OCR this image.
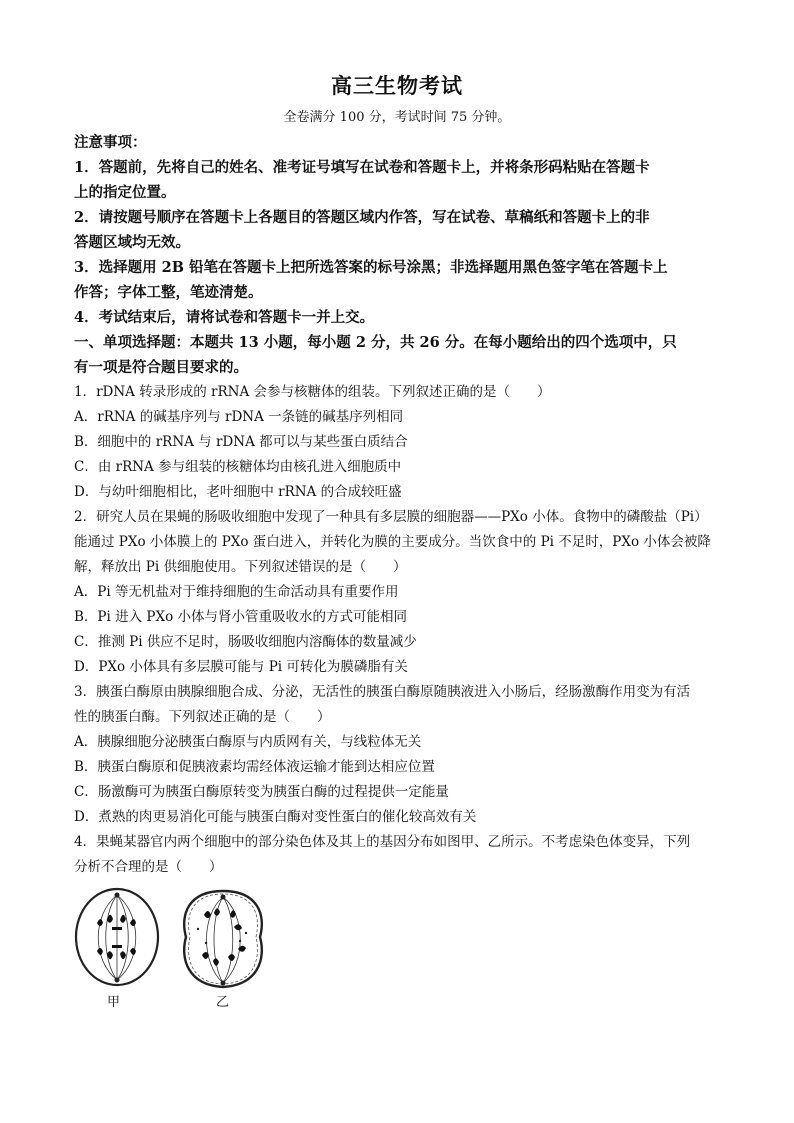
高三生物考试
全卷满分 100 分，考试时间 75 分钟。
注意事项：
1．答题前，先将自己的姓名、准考证号填写在试卷和答题卡上，并将条形码粘贴在答题卡
上的指定位置。
2．请按题号顺序在答题卡上各题目的答题区域内作答，写在试卷、草稿纸和答题卡上的非
答题区域均无效。
3．选择题用 2B 铅笔在答题卡上把所选答案的标号涂黑；非选择题用黑色签字笔在答题卡上
作答；字体工整，笔迹清楚。
4．考试结束后，请将试卷和答题卡一并上交。
一、单项选择题：本题共 13 小题，每小题 2 分，共 26 分。在每小题给出的四个选项中，只
有一项是符合题目要求的。
1．rDNA 转录形成的 rRNA 会参与核糖体的组装。下列叙述正确的是（　　）
A．rRNA 的碱基序列与 rDNA 一条链的碱基序列相同
B．细胞中的 rRNA 与 rDNA 都可以与某些蛋白质结合
C．由 rRNA 参与组装的核糖体均由核孔进入细胞质中
D．与幼叶细胞相比，老叶细胞中 rRNA 的合成较旺盛
2．研究人员在果蝇的肠吸收细胞中发现了一种具有多层膜的细胞器——PXo 小体。食物中的磷酸盐（Pi）
能通过 PXo 小体膜上的 PXo 蛋白进入，并转化为膜的主要成分。当饮食中的 Pi 不足时，PXo 小体会被降
解，释放出 Pi 供细胞使用。下列叙述错误的是（　　）
A．Pi 等无机盐对于维持细胞的生命活动具有重要作用
B．Pi 进入 PXo 小体与肾小管重吸收水的方式可能相同
C．推测 Pi 供应不足时，肠吸收细胞内溶酶体的数量减少
D．PXo 小体具有多层膜可能与 Pi 可转化为膜磷脂有关
3．胰蛋白酶原由胰腺细胞合成、分泌，无活性的胰蛋白酶原随胰液进入小肠后，经肠激酶作用变为有活
性的胰蛋白酶。下列叙述正确的是（　　）
A．胰腺细胞分泌胰蛋白酶原与内质网有关，与线粒体无关
B．胰蛋白酶原和促胰液素均需经体液运输才能到达相应位置
C．肠激酶可为胰蛋白酶原转变为胰蛋白酶的过程提供一定能量
D．煮熟的肉更易消化可能与胰蛋白酶对变性蛋白的催化较高效有关
4．果蝇某器官内两个细胞中的部分染色体及其上的基因分布如图甲、乙所示。不考虑染色体变异，下列
分析不合理的是（　　）
甲	乙
